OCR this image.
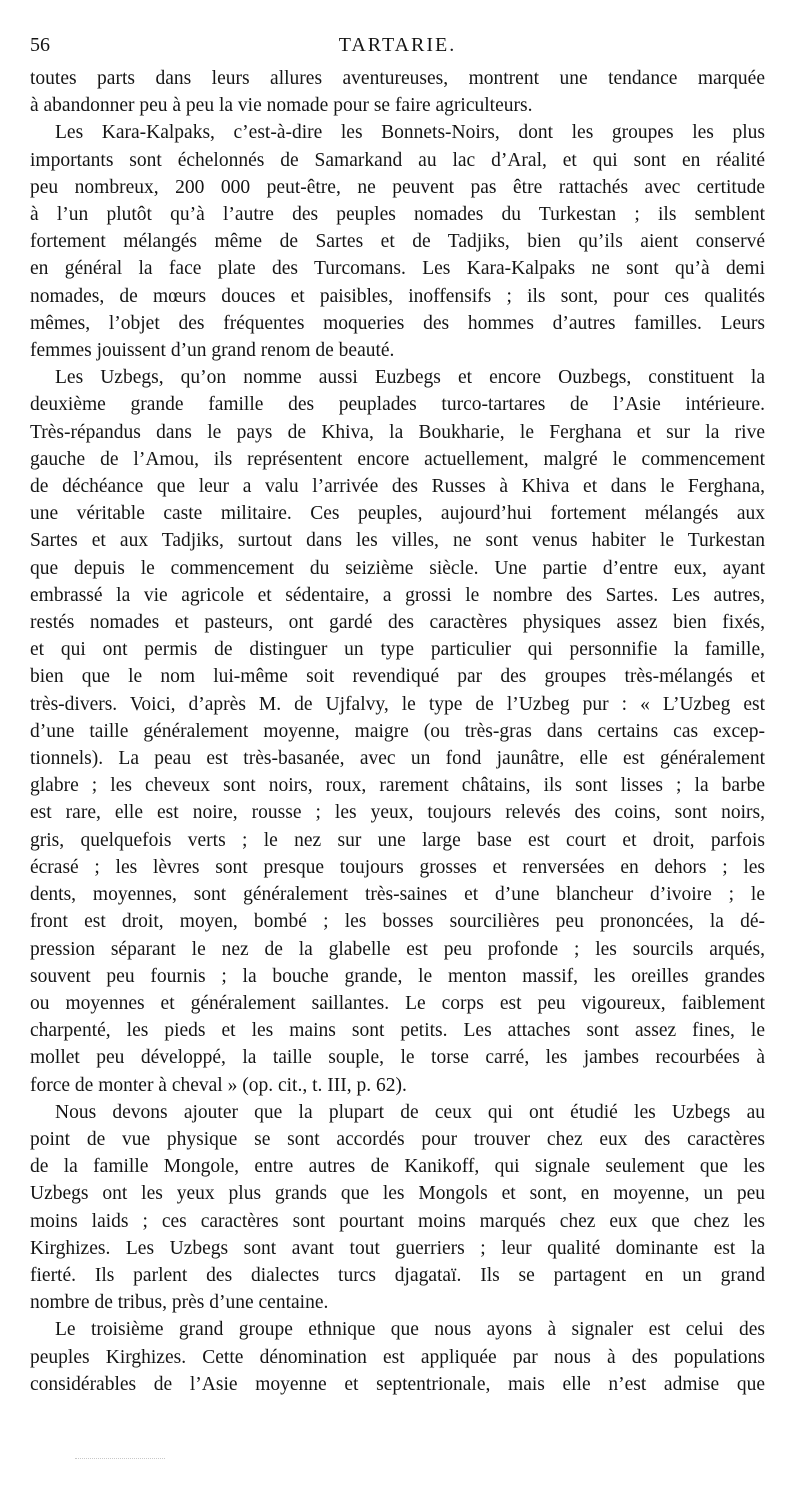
56	TARTARIE.

toutes parts dans leurs allures aventureuses, montrent une tendance marquée

à abandonner peu à peu la vie nomade pour se faire agriculteurs.

Les Kara-Kalpaks, c’est-à-dire les Bonnets-Noirs, dont les groupes les plus

importants sont échelonnés de Samarkand au lac d’Aral, et qui sont en réalité

peu nombreux, 200 000 peut-être, ne peuvent pas être rattachés avec certitude

à l’un plutôt qu’à l’autre des peuples nomades du Turkestan ; ils semblent

fortement mélangés même de Sartes et de Tadjiks, bien qu’ils aient conservé

en général la face plate des Turcomans. Les Kara-Kalpaks ne sont qu’à demi

nomades, de mœurs douces et paisibles, inoffensifs ; ils sont, pour ces qualités

mêmes, l’objet des fréquentes moqueries des hommes d’autres familles. Leurs

femmes jouissent d’un grand renom de beauté.

Les Uzbegs, qu’on nomme aussi Euzbegs et encore Ouzbegs, constituent la

deuxième grande famille des peuplades turco-tartares de l’Asie intérieure.

Très-répandus dans le pays de Khiva, la Boukharie, le Ferghana et sur la rive

gauche de l’Amou, ils représentent encore actuellement, malgré le commencement

de déchéance que leur a valu l’arrivée des Russes à Khiva et dans le Ferghana,

une véritable caste militaire. Ces peuples, aujourd’hui fortement mélangés aux

Sartes et aux Tadjiks, surtout dans les villes, ne sont venus habiter le Turkestan

que depuis le commencement du seizième siècle. Une partie d’entre eux, ayant

embrassé la vie agricole et sédentaire, a grossi le nombre des Sartes. Les autres,

restés nomades et pasteurs, ont gardé des caractères physiques assez bien fixés,

et qui ont permis de distinguer un type particulier qui personnifie la famille,

bien que le nom lui-même soit revendiqué par des groupes très-mélangés et

très-divers. Voici, d’après M. de Ujfalvy, le type de l’Uzbeg pur : « L’Uzbeg est

d’une taille généralement moyenne, maigre (ou très-gras dans certains cas excep-

tionnels). La peau est très-basanée, avec un fond jaunâtre, elle est généralement

glabre ; les cheveux sont noirs, roux, rarement châtains, ils sont lisses ; la barbe

est rare, elle est noire, rousse ; les yeux, toujours relevés des coins, sont noirs,

gris, quelquefois verts ; le nez sur une large base est court et droit, parfois

écrasé ; les lèvres sont presque toujours grosses et renversées en dehors ; les

dents, moyennes, sont généralement très-saines et d’une blancheur d’ivoire ; le

front est droit, moyen, bombé ; les bosses sourcilières peu prononcées, la dé-

pression séparant le nez de la glabelle est peu profonde ; les sourcils arqués,

souvent peu fournis ; la bouche grande, le menton massif, les oreilles grandes

ou moyennes et généralement saillantes. Le corps est peu vigoureux, faiblement

charpenté, les pieds et les mains sont petits. Les attaches sont assez fines, le

mollet peu développé, la taille souple, le torse carré, les jambes recourbées à

force de monter à cheval » (op. cit., t. III, p. 62).

Nous devons ajouter que la plupart de ceux qui ont étudié les Uzbegs au

point de vue physique se sont accordés pour trouver chez eux des caractères

de la famille Mongole, entre autres de Kanikoff, qui signale seulement que les

Uzbegs ont les yeux plus grands que les Mongols et sont, en moyenne, un peu

moins laids ; ces caractères sont pourtant moins marqués chez eux que chez les

Kirghizes. Les Uzbegs sont avant tout guerriers ; leur qualité dominante est la

fierté. Ils parlent des dialectes turcs djagataï. Ils se partagent en un grand

nombre de tribus, près d’une centaine.

Le troisième grand groupe ethnique que nous ayons à signaler est celui des

peuples Kirghizes. Cette dénomination est appliquée par nous à des populations

considérables de l’Asie moyenne et septentrionale, mais elle n’est admise que
